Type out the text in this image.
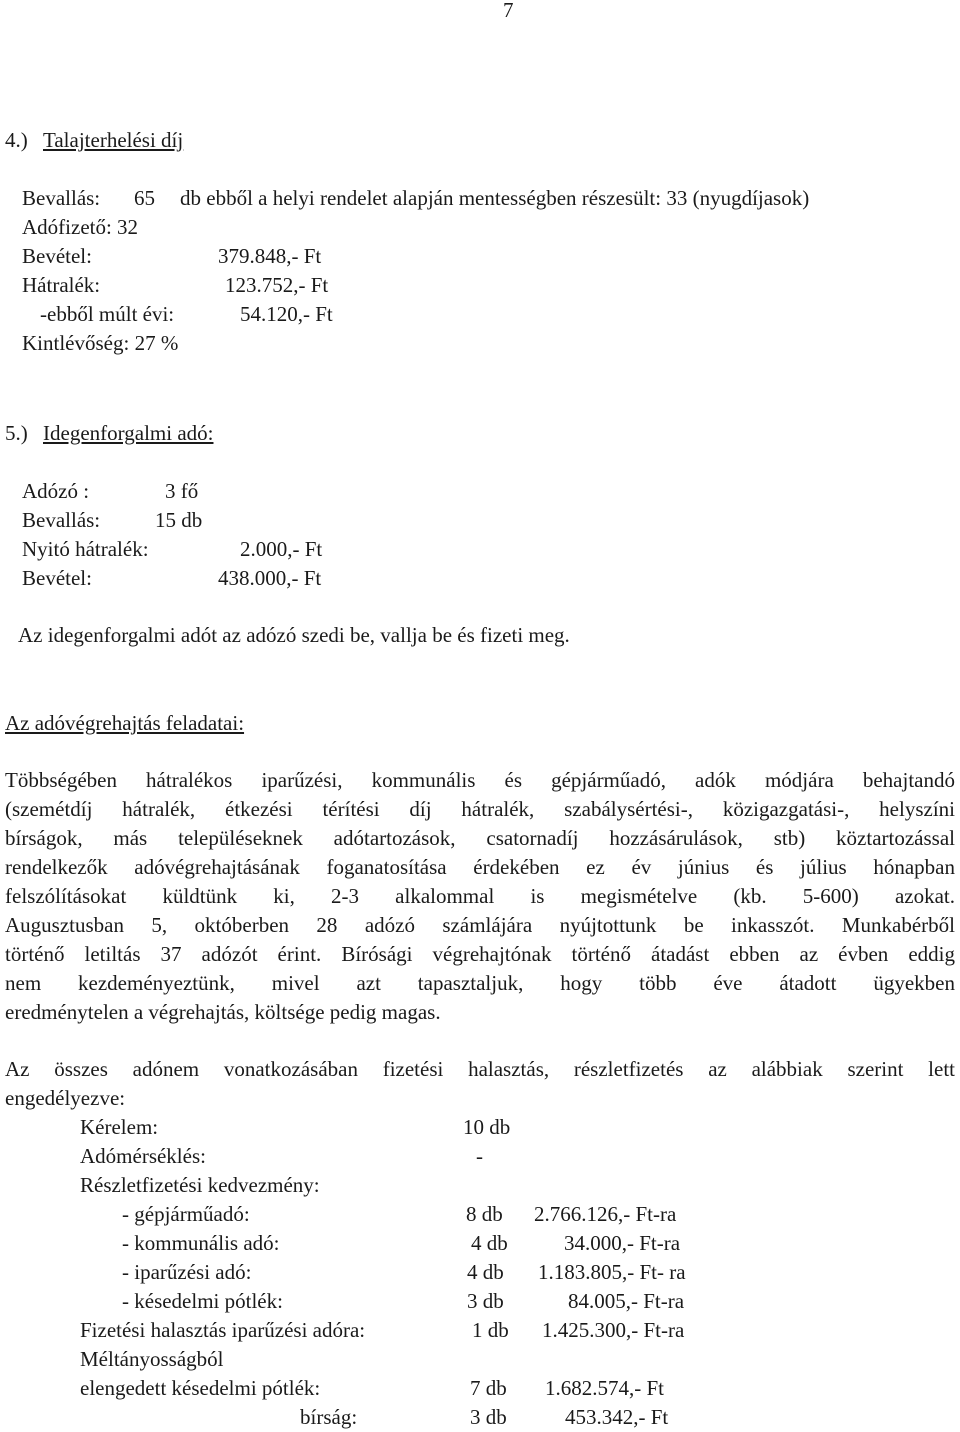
7
4.) Talajterhelési díj
Bevallás: 65 db ebből a helyi rendelet alapján mentességben részesült: 33 (nyugdíjasok)
Adófizető: 32
Bevétel:	379.848,- Ft
Hátralék:	123.752,- Ft
-ebből múlt évi:	54.120,- Ft
Kintlévőség: 27 %
5.) Idegenforgalmi adó:
Adózó :	3 fő
Bevallás:	15 db
Nyitó hátralék:	2.000,- Ft
Bevétel:	438.000,- Ft
Az idegenforgalmi adót az adózó szedi be, vallja be és fizeti meg.
Az adóvégrehajtás feladatai:
Többségében hátralékos iparűzési, kommunális és gépjárműadó, adók módjára behajtandó
(szemétdíj hátralék, étkezési térítési díj hátralék, szabálysértési-, közigazgatási-, helyszíni
bírságok, más településeknek adótartozások, csatornadíj hozzásárulások, stb) köztartozással
rendelkezők adóvégrehajtásának foganatosítása érdekében ez év június és július hónapban
felszólításokat küldtünk ki, 2-3 alkalommal is megismételve (kb. 5-600) azokat.
Augusztusban 5, októberben 28 adózó számlájára nyújtottunk be inkasszót. Munkabérből
történő letiltás 37 adózót érint. Bírósági végrehajtónak történő átadást ebben az évben eddig
nem kezdeményeztünk, mivel azt tapasztaljuk, hogy több éve átadott ügyekben
eredménytelen a végrehajtás, költsége pedig magas.
Az összes adónem vonatkozásában fizetési halasztás, részletfizetés az alábbiak szerint lett
engedélyezve:
Kérelem:	10 db
Adómérséklés:	-
Részletfizetési kedvezmény:
- gépjárműadó:	8 db 2.766.126,- Ft-ra
- kommunális adó:	4 db	34.000,- Ft-ra
- iparűzési adó:	4 db 1.183.805,- Ft- ra
- késedelmi pótlék:	3 db	84.005,- Ft-ra
Fizetési halasztás iparűzési adóra:	1 db 1.425.300,- Ft-ra
Méltányosságból
elengedett késedelmi pótlék:	7 db 1.682.574,- Ft
bírság:	3 db	453.342,- Ft
